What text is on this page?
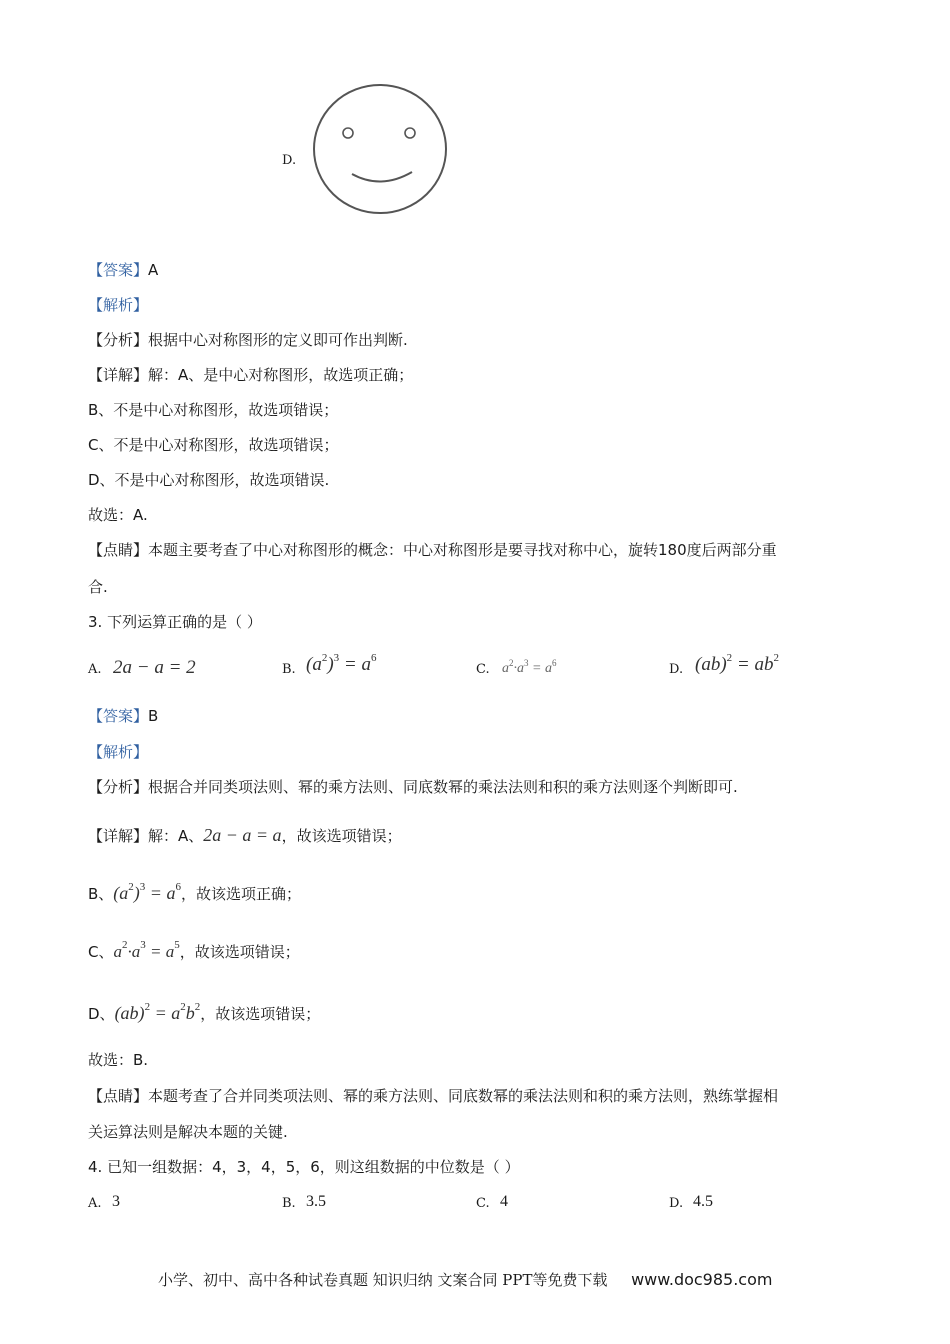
D.
【答案】A
【解析】
【分析】根据中心对称图形的定义即可作出判断.
【详解】解：A、是中心对称图形，故选项正确；
B、不是中心对称图形，故选项错误；
C、不是中心对称图形，故选项错误；
D、不是中心对称图形，故选项错误.
故选：A.
【点睛】本题主要考查了中心对称图形的概念：中心对称图形是要寻找对称中心，旋转180度后两部分重
合.
3. 下列运算正确的是（ ）
A. 2a − a = 2	B. $(a^2)^3 = a^6$
C. $a^2\cdot a^3 = a^6$	D. $(ab)^2 = ab^2$
【答案】B
【解析】
【分析】根据合并同类项法则、幂的乘方法则、同底数幂的乘法法则和积的乘方法则逐个判断即可.
【详解】解：A、2a − a = a，故该选项错误；
B、$(a^2)^3 = a^6$，故该选项正确；
C、$a^2\cdot a^3 = a^5$，故该选项错误；
D、$(ab)^2 = a^2b^2$，故该选项错误；
故选：B.
【点睛】本题考查了合并同类项法则、幂的乘方法则、同底数幂的乘法法则和积的乘方法则，熟练掌握相
关运算法则是解决本题的关键.
4. 已知一组数据：4，3，4，5，6，则这组数据的中位数是（ ）
A. 3	B. 3.5	C. 4	D. 4.5
小学、初中、高中各种试卷真题 知识归纳 文案合同 PPT等免费下载 www.doc985.com
